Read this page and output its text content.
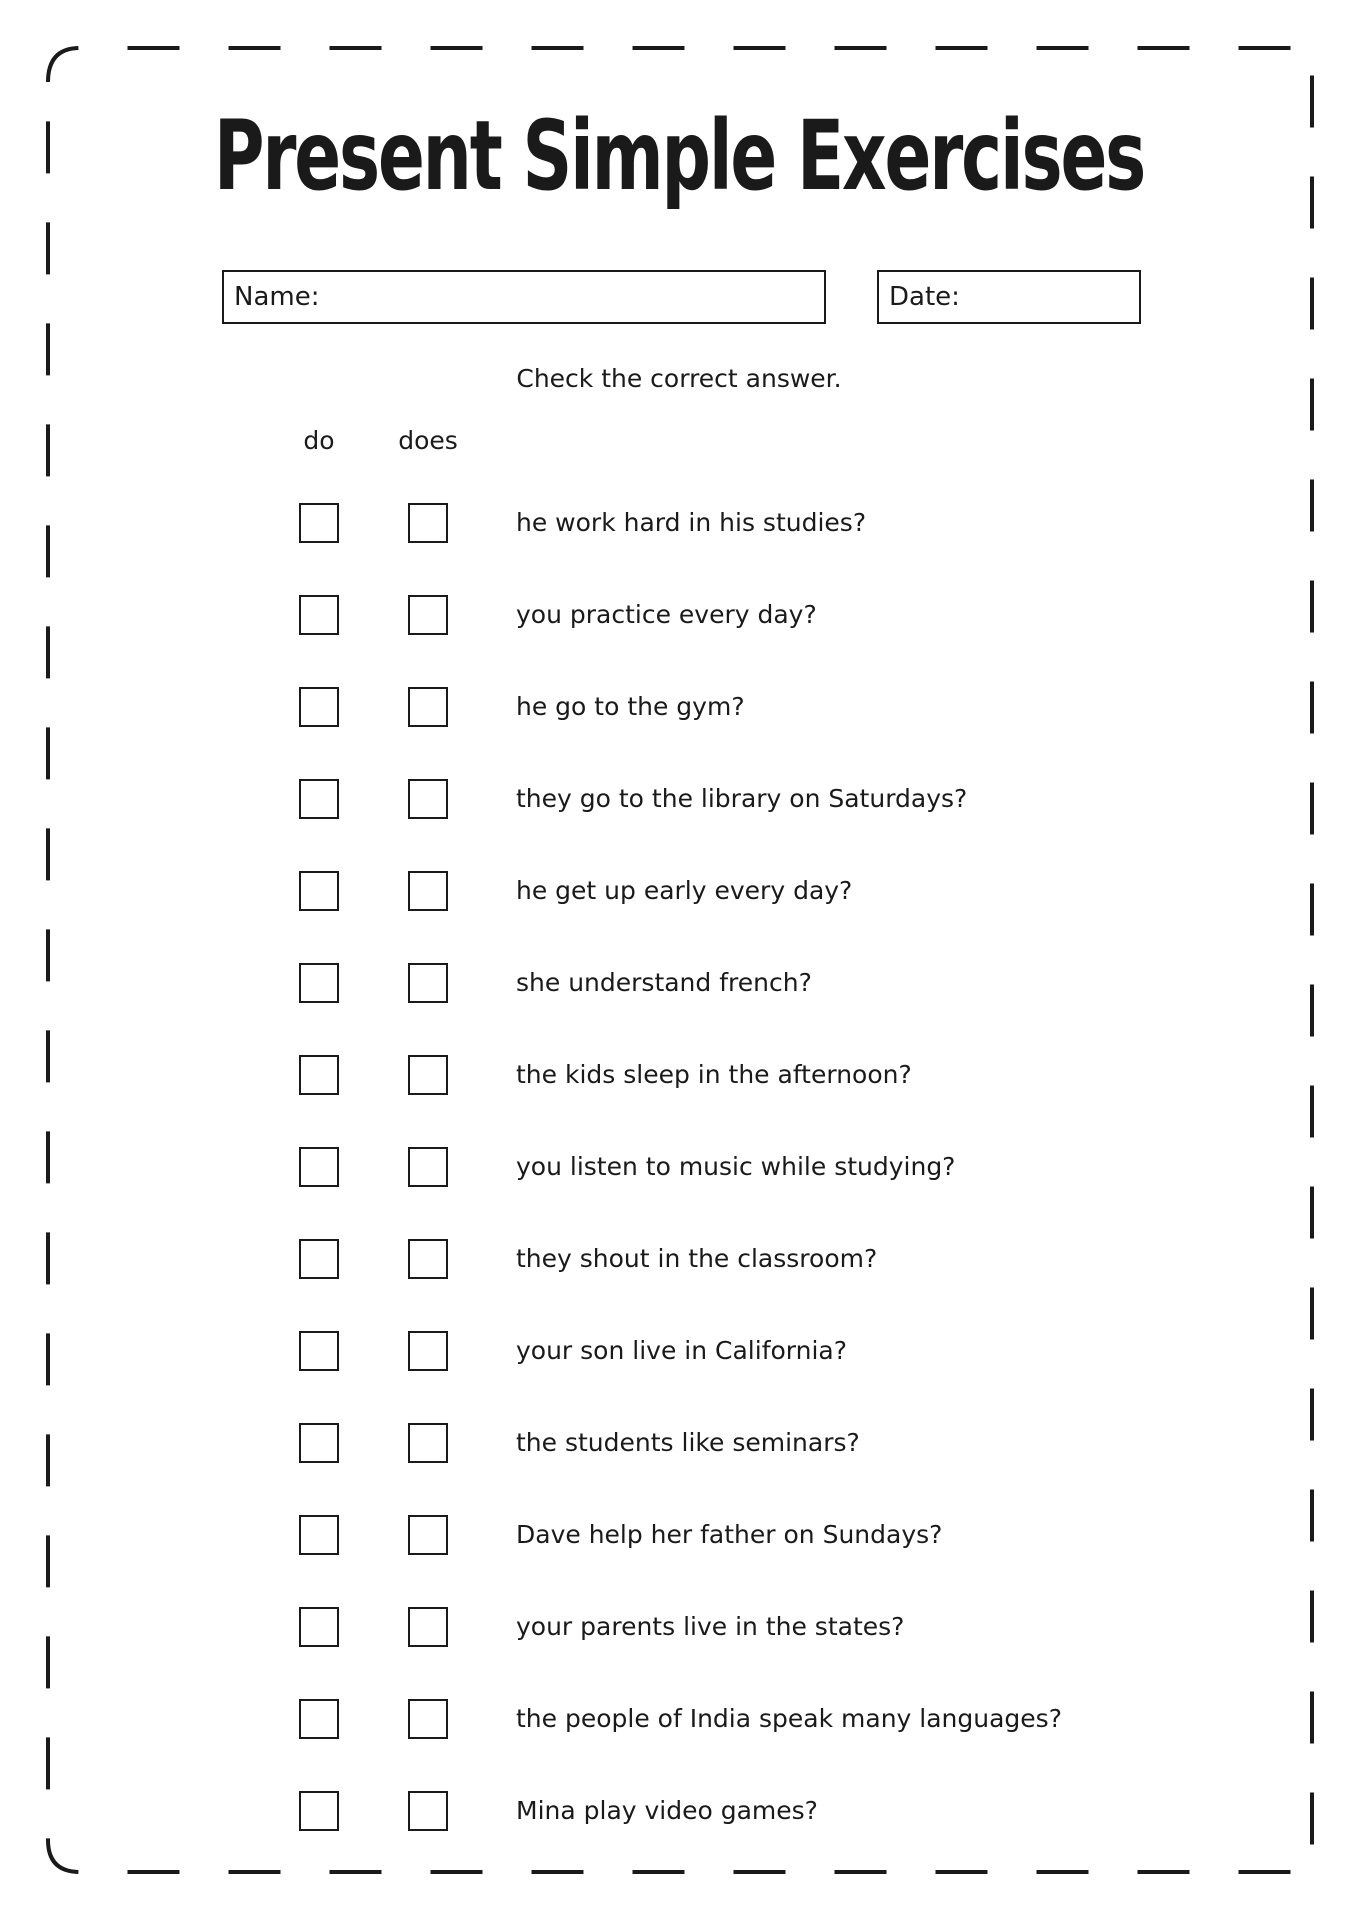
Present Simple Exercises
Name:	Date:
Check the correct answer.
do	does
he work hard in his studies?
you practice every day?
he go to the gym?
they go to the library on Saturdays?
he get up early every day?
she understand french?
the kids sleep in the afternoon?
you listen to music while studying?
they shout in the classroom?
your son live in California?
the students like seminars?
Dave help her father on Sundays?
your parents live in the states?
the people of India speak many languages?
Mina play video games?
